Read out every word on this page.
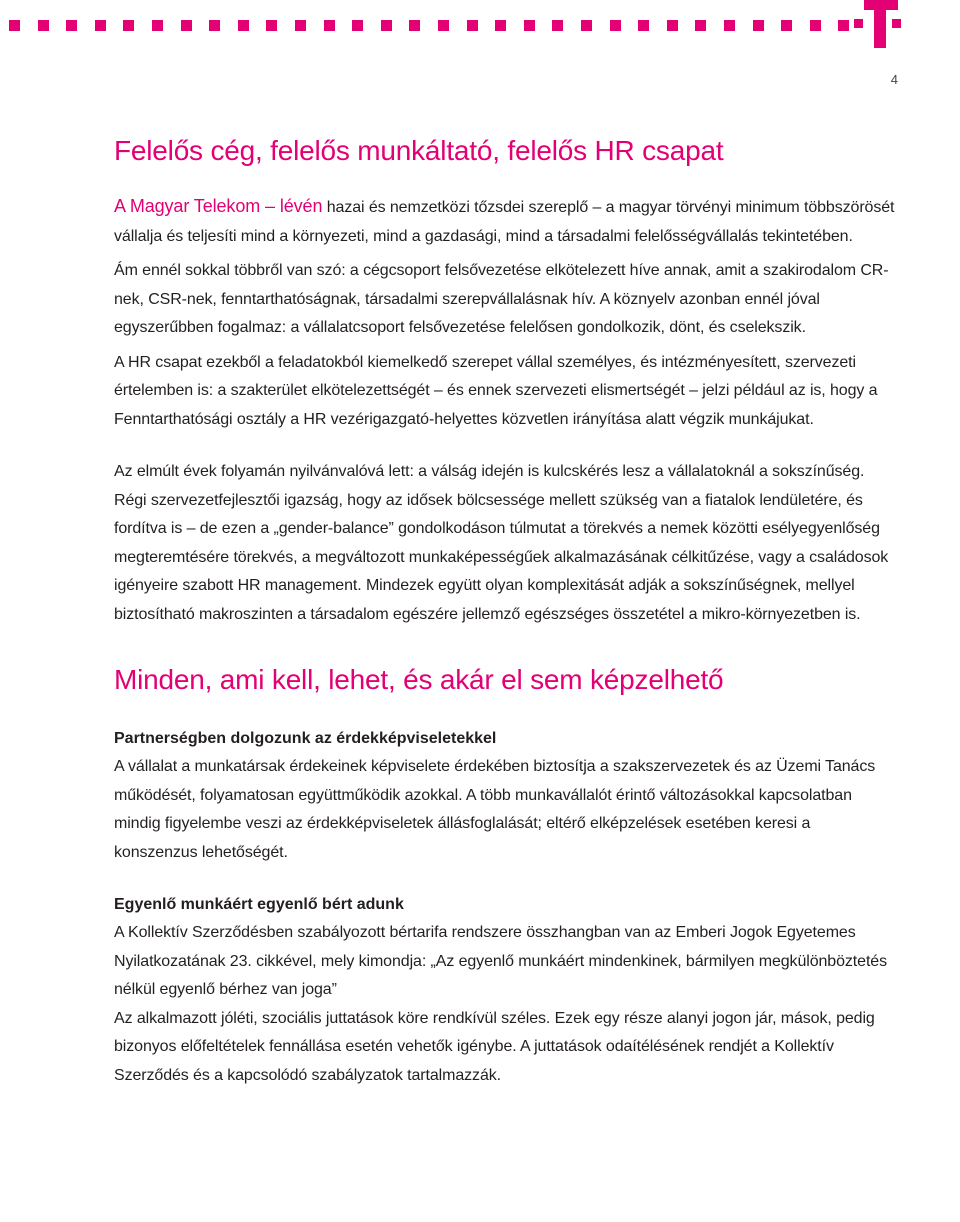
4
Felelős cég, felelős munkáltató, felelős HR csapat

A Magyar Telekom – lévén hazai és nemzetközi tőzsdei szereplő – a magyar törvényi minimum többszörösét vállalja és teljesíti mind a környezeti, mind a gazdasági, mind a társadalmi felelősségvállalás tekintetében.

Ám ennél sokkal többről van szó: a cégcsoport felsővezetése elkötelezett híve annak, amit a szakirodalom CR-nek, CSR-nek, fenntarthatóságnak, társadalmi szerepvállalásnak hív. A köznyelv azonban ennél jóval egyszerűbben fogalmaz: a vállalatcsoport felsővezetése felelősen gondolkozik, dönt, és cselekszik.

A HR csapat ezekből a feladatokból kiemelkedő szerepet vállal személyes, és intézményesített, szervezeti értelemben is: a szakterület elkötelezettségét – és ennek szervezeti elismertségét – jelzi például az is, hogy a Fenntarthatósági osztály a HR vezérigazgató-helyettes közvetlen irányítása alatt végzik munkájukat.

Az elmúlt évek folyamán nyilvánvalóvá lett: a válság idején is kulcskérés lesz a vállalatoknál a sokszínűség. Régi szervezetfejlesztői igazság, hogy az idősek bölcsessége mellett szükség van a fiatalok lendületére, és fordítva is – de ezen a „gender-balance” gondolkodáson túlmutat a törekvés a nemek közötti esélyegyenlőség megteremtésére törekvés, a megváltozott munkaképességűek alkalmazásának célkitűzése, vagy a családosok igényeire szabott HR management. Mindezek együtt olyan komplexitását adják a sokszínűségnek, mellyel biztosítható makroszinten a társadalom egészére jellemző egészséges összetétel a mikro-környezetben is.

Minden, ami kell, lehet, és akár el sem képzelhető
Partnerségben dolgozunk az érdekképviseletekkel

A vállalat a munkatársak érdekeinek képviselete érdekében biztosítja a szakszervezetek és az Üzemi Tanács működését, folyamatosan együttműködik azokkal. A több munkavállalót érintő változásokkal kapcsolatban mindig figyelembe veszi az érdekképviseletek állásfoglalását; eltérő elképzelések esetében keresi a konszenzus lehetőségét.

Egyenlő munkáért egyenlő bért adunk

A Kollektív Szerződésben szabályozott bértarifa rendszere összhangban van az Emberi Jogok Egyetemes Nyilatkozatának 23. cikkével, mely kimondja: „Az egyenlő munkáért mindenkinek, bármilyen megkülönböztetés nélkül egyenlő bérhez van joga”

Az alkalmazott jóléti, szociális juttatások köre rendkívül széles. Ezek egy része alanyi jogon jár, mások, pedig bizonyos előfeltételek fennállása esetén vehetők igénybe. A juttatások odaítélésének rendjét a Kollektív Szerződés és a kapcsolódó szabályzatok tartalmazzák.
